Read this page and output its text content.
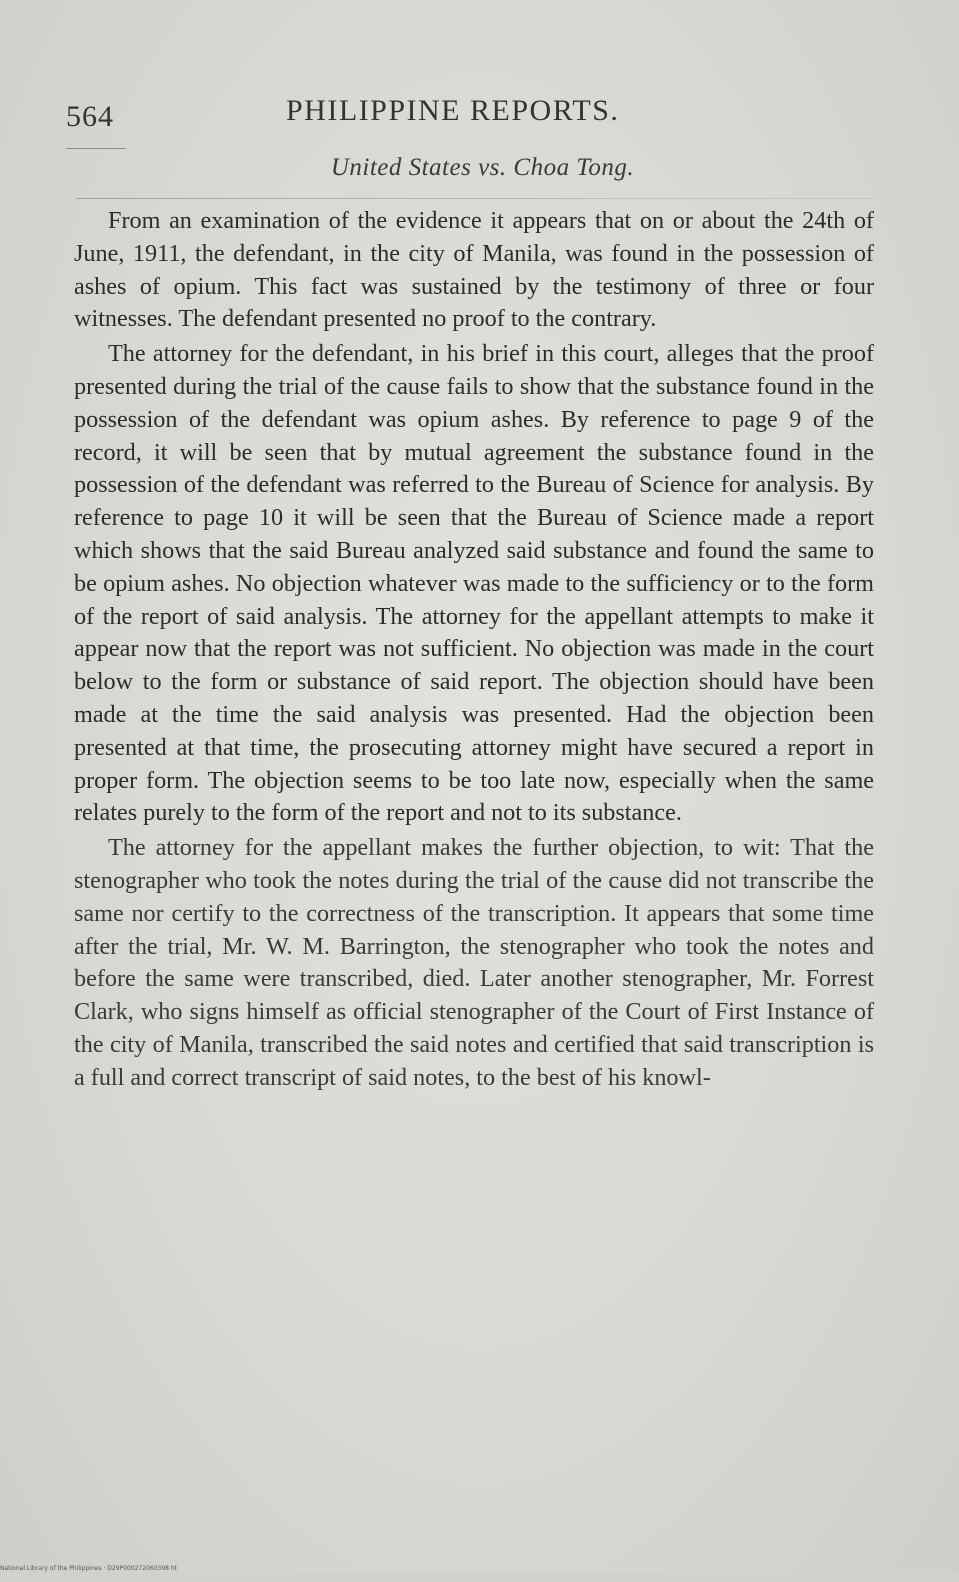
564	PHILIPPINE REPORTS.
United States vs. Choa Tong.

From an examination of the evidence it appears that on or about the 24th of June, 1911, the defendant, in the city of Manila, was found in the possession of ashes of opium. This fact was sustained by the testimony of three or four witnesses. The defendant presented no proof to the contrary.

The attorney for the defendant, in his brief in this court, alleges that the proof presented during the trial of the cause fails to show that the substance found in the possession of the defendant was opium ashes. By reference to page 9 of the record, it will be seen that by mutual agreement the substance found in the possession of the defendant was referred to the Bureau of Science for analysis. By reference to page 10 it will be seen that the Bureau of Science made a report which shows that the said Bureau analyzed said substance and found the same to be opium ashes. No objection whatever was made to the sufficiency or to the form of the report of said analysis. The attorney for the appellant attempts to make it appear now that the report was not sufficient. No objection was made in the court below to the form or substance of said report. The objection should have been made at the time the said analysis was presented. Had the objection been presented at that time, the prosecuting attorney might have secured a report in proper form. The objection seems to be too late now, especially when the same relates purely to the form of the report and not to its substance.

The attorney for the appellant makes the further objection, to wit: That the stenographer who took the notes during the trial of the cause did not transcribe the same nor certify to the correctness of the transcription. It appears that some time after the trial, Mr. W. M. Barrington, the stenographer who took the notes and before the same were transcribed, died. Later another stenographer, Mr. Forrest Clark, who signs himself as official stenographer of the Court of First Instance of the city of Manila, transcribed the said notes and certified that said transcription is a full and correct transcript of said notes, to the best of his knowl-

National Library of the Philippines · D29P000272060398 ht
